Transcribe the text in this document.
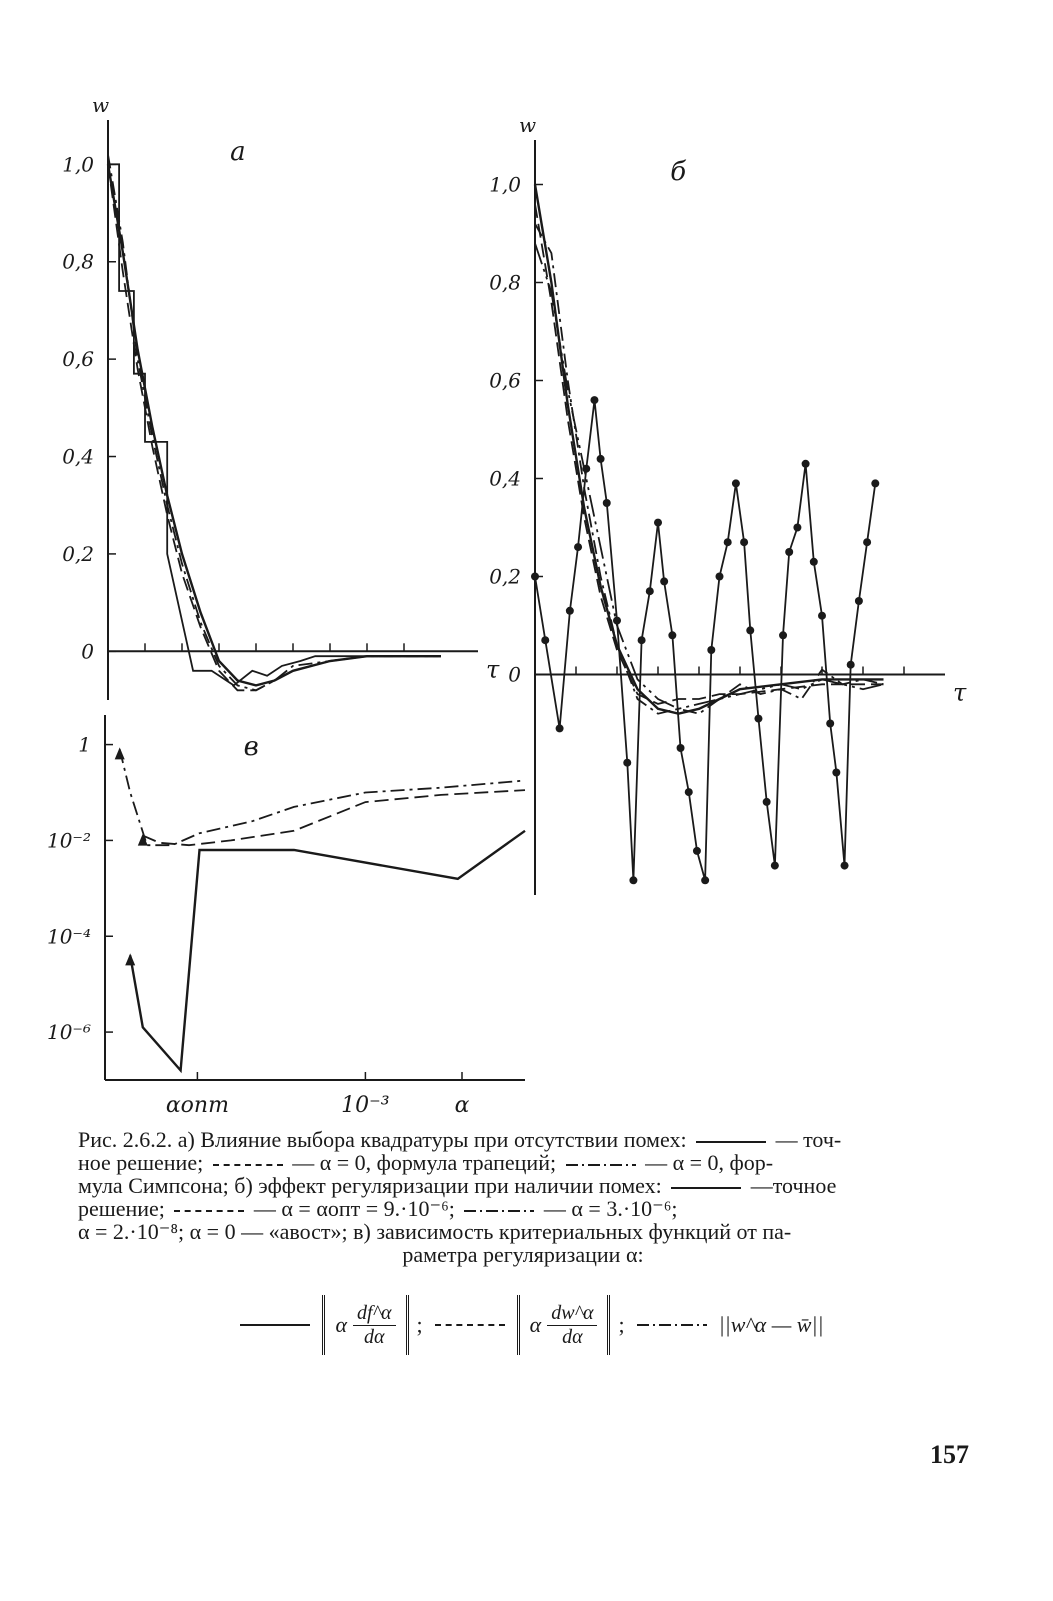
1,0
0,8
0,6
0,4
0,2
0
w
τ
а
1,0
0,8
0,6
0,4
0,2
0
w
τ
б
1
10⁻²
10⁻⁴
10⁻⁶
αопт	10⁻³	α
в
Рис. 2.6.2. а) Влияние выбора квадратуры при отсутствии помех:	— точ-
ное решение;	— α = 0, формула трапеций;	— α = 0, фор-
мула Симпсона; б) эффект регуляризации при наличии помех:	—точное
решение;	— α = αопт = 9.·10⁻⁶;	— α = 3.·10⁻⁶;
α = 2.·10⁻⁸; α = 0 — «авост»; в) зависимость критериальных функций от па-
раметра регуляризации α:
α $\frac{df\^{}\alpha}{d\alpha}$ ;	α $\frac{dw\^{}\alpha}{d\alpha}$ ;	||w^α — w̄||
157
